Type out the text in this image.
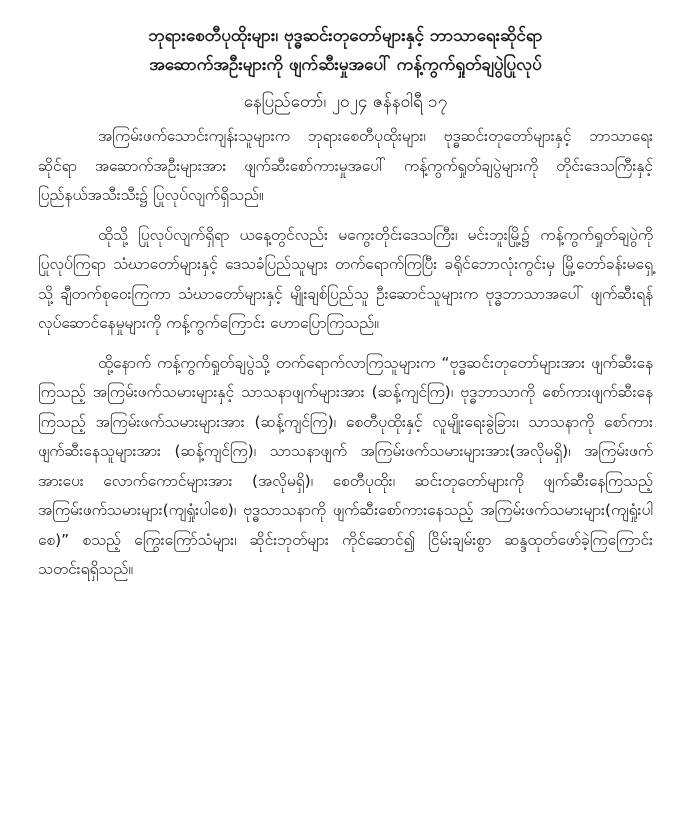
ဘုရားစေတီပုထိုးများ၊ ဗုဒ္ဓဆင်းတုတော်များနှင့် ဘာသာရေးဆိုင်ရာ
အဆောက်အဦးများကို ဖျက်ဆီးမှုအပေါ် ကန့်ကွက်ရှုတ်ချပွဲပြုလုပ်
နေပြည်တော်၊ ၂၀၂၄ ဇန်နဝါရီ ၁၇

အကြမ်းဖက်သောင်းကျန်းသူများက ဘုရားစေတီပုထိုးများ၊ ဗုဒ္ဓဆင်းတုတော်များနှင့် ဘာသာရေးဆိုင်ရာ အဆောက်အဦးများအား ဖျက်ဆီးစော်ကားမှုအပေါ် ကန့်ကွက်ရှုတ်ချပွဲများကို တိုင်းဒေသကြီးနှင့် ပြည်နယ်အသီးသီး၌ ပြုလုပ်လျက်ရှိသည်။

ထိုသို့ ပြုလုပ်လျက်ရှိရာ ယနေ့တွင်လည်း မကွေးတိုင်းဒေသကြီး၊ မင်းဘူးမြို့၌ ကန့်ကွက်ရှုတ်ချပွဲကို ပြုလုပ်ကြရာ သံဃာတော်များနှင့် ဒေသခံပြည်သူများ တက်ရောက်ကြပြီး ခရိုင်ဘောလုံးကွင်းမှ မြို့တော်ခန်းမရှေ့သို့ ချီတက်စုဝေးကြကာ သံဃာတော်များနှင့် မျိုးချစ်ပြည်သူ ဦးဆောင်သူများက ဗုဒ္ဓဘာသာအပေါ် ဖျက်ဆီးရန် လုပ်ဆောင်နေမှုများကို ကန့်ကွက်ကြောင်း ဟောပြောကြသည်။

ထို့နောက် ကန့်ကွက်ရှုတ်ချပွဲသို့ တက်ရောက်လာကြသူများက “ဗုဒ္ဓဆင်းတုတော်များအား ဖျက်ဆီးနေကြသည့် အကြမ်းဖက်သမားများနှင့် သာသနာဖျက်များအား (ဆန့်ကျင်ကြ)၊ ဗုဒ္ဓဘာသာကို စော်ကားဖျက်ဆီးနေကြသည့် အကြမ်းဖက်သမားများအား (ဆန့်ကျင်ကြ)၊ စေတီပုထိုးနှင့် လူမျိုးရေးခွဲခြား၊ သာသနာကို စော်ကားဖျက်ဆီးနေသူများအား (ဆန့်ကျင်ကြ)၊ သာသနာဖျက် အကြမ်းဖက်သမားများအား(အလိုမရှိ)၊ အကြမ်းဖက်အားပေး လောက်ကောင်များအား (အလိုမရှိ)၊ စေတီပုထိုး၊ ဆင်းတုတော်များကို ဖျက်ဆီးနေကြသည့် အကြမ်းဖက်သမားများ(ကျရှုံးပါစေ)၊ ဗုဒ္ဓသာသနာကို ဖျက်ဆီးစော်ကားနေသည့် အကြမ်းဖက်သမားများ(ကျရှုံးပါစေ)” စသည့် ကြွေးကြော်သံများ၊ ဆိုင်းဘုတ်များ ကိုင်ဆောင်၍ ငြိမ်းချမ်းစွာ ဆန္ဒထုတ်ဖော်ခဲ့ကြကြောင်း သတင်းရရှိသည်။
